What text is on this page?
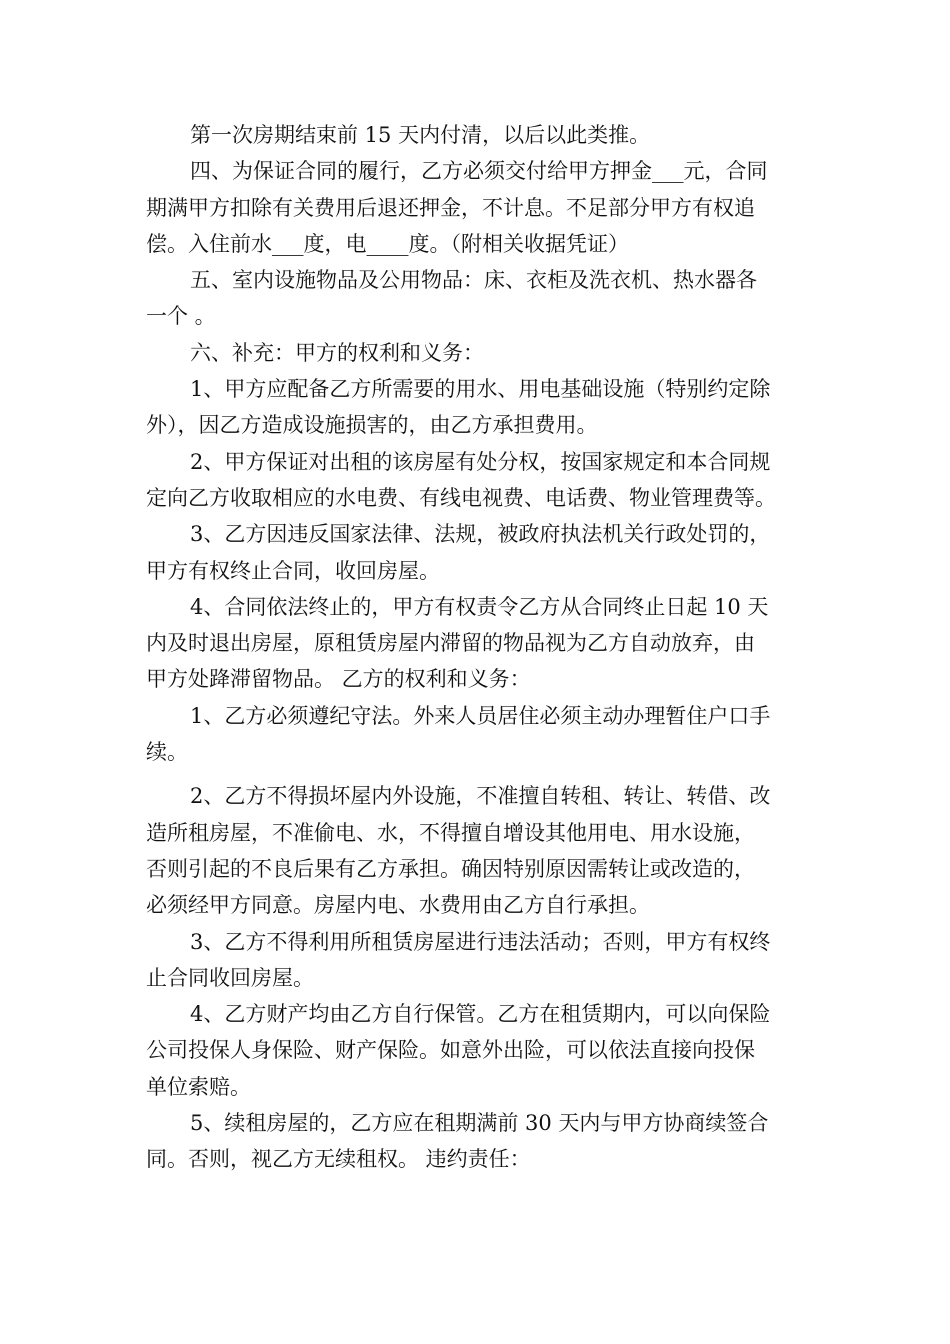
第一次房期结束前 15 天内付清，以后以此类推。

四、为保证合同的履行，乙方必须交付给甲方押金___元，合同
期满甲方扣除有关费用后退还押金，不计息。不足部分甲方有权追
偿。入住前水___度，电____度。（附相关收据凭证）

五、室内设施物品及公用物品：床、衣柜及洗衣机、热水器各
一个 。

六、补充：甲方的权利和义务：

1、甲方应配备乙方所需要的用水、用电基础设施（特别约定除
外），因乙方造成设施损害的，由乙方承担费用。

2、甲方保证对出租的该房屋有处分权，按国家规定和本合同规
定向乙方收取相应的水电费、有线电视费、电话费、物业管理费等。

3、乙方因违反国家法律、法规，被政府执法机关行政处罚的，
甲方有权终止合同，收回房屋。

4、合同依法终止的，甲方有权责令乙方从合同终止日起 10 天
内及时退出房屋，原租赁房屋内滞留的物品视为乙方自动放弃，由
甲方处跭滞留物品。 乙方的权利和义务：

1、乙方必须遵纪守法。外来人员居住必须主动办理暂住户口手
续。

2、乙方不得损坏屋内外设施，不准擅自转租、转让、转借、改
造所租房屋，不准偷电、水，不得擅自增设其他用电、用水设施，
否则引起的不良后果有乙方承担。确因特别原因需转让或改造的，
必须经甲方同意。房屋内电、水费用由乙方自行承担。

3、乙方不得利用所租赁房屋进行违法活动；否则，甲方有权终
止合同收回房屋。

4、乙方财产均由乙方自行保管。乙方在租赁期内，可以向保险
公司投保人身保险、财产保险。如意外出险，可以依法直接向投保
单位索赔。

5、续租房屋的，乙方应在租期满前 30 天内与甲方协商续签合
同。否则，视乙方无续租权。 违约责任：
